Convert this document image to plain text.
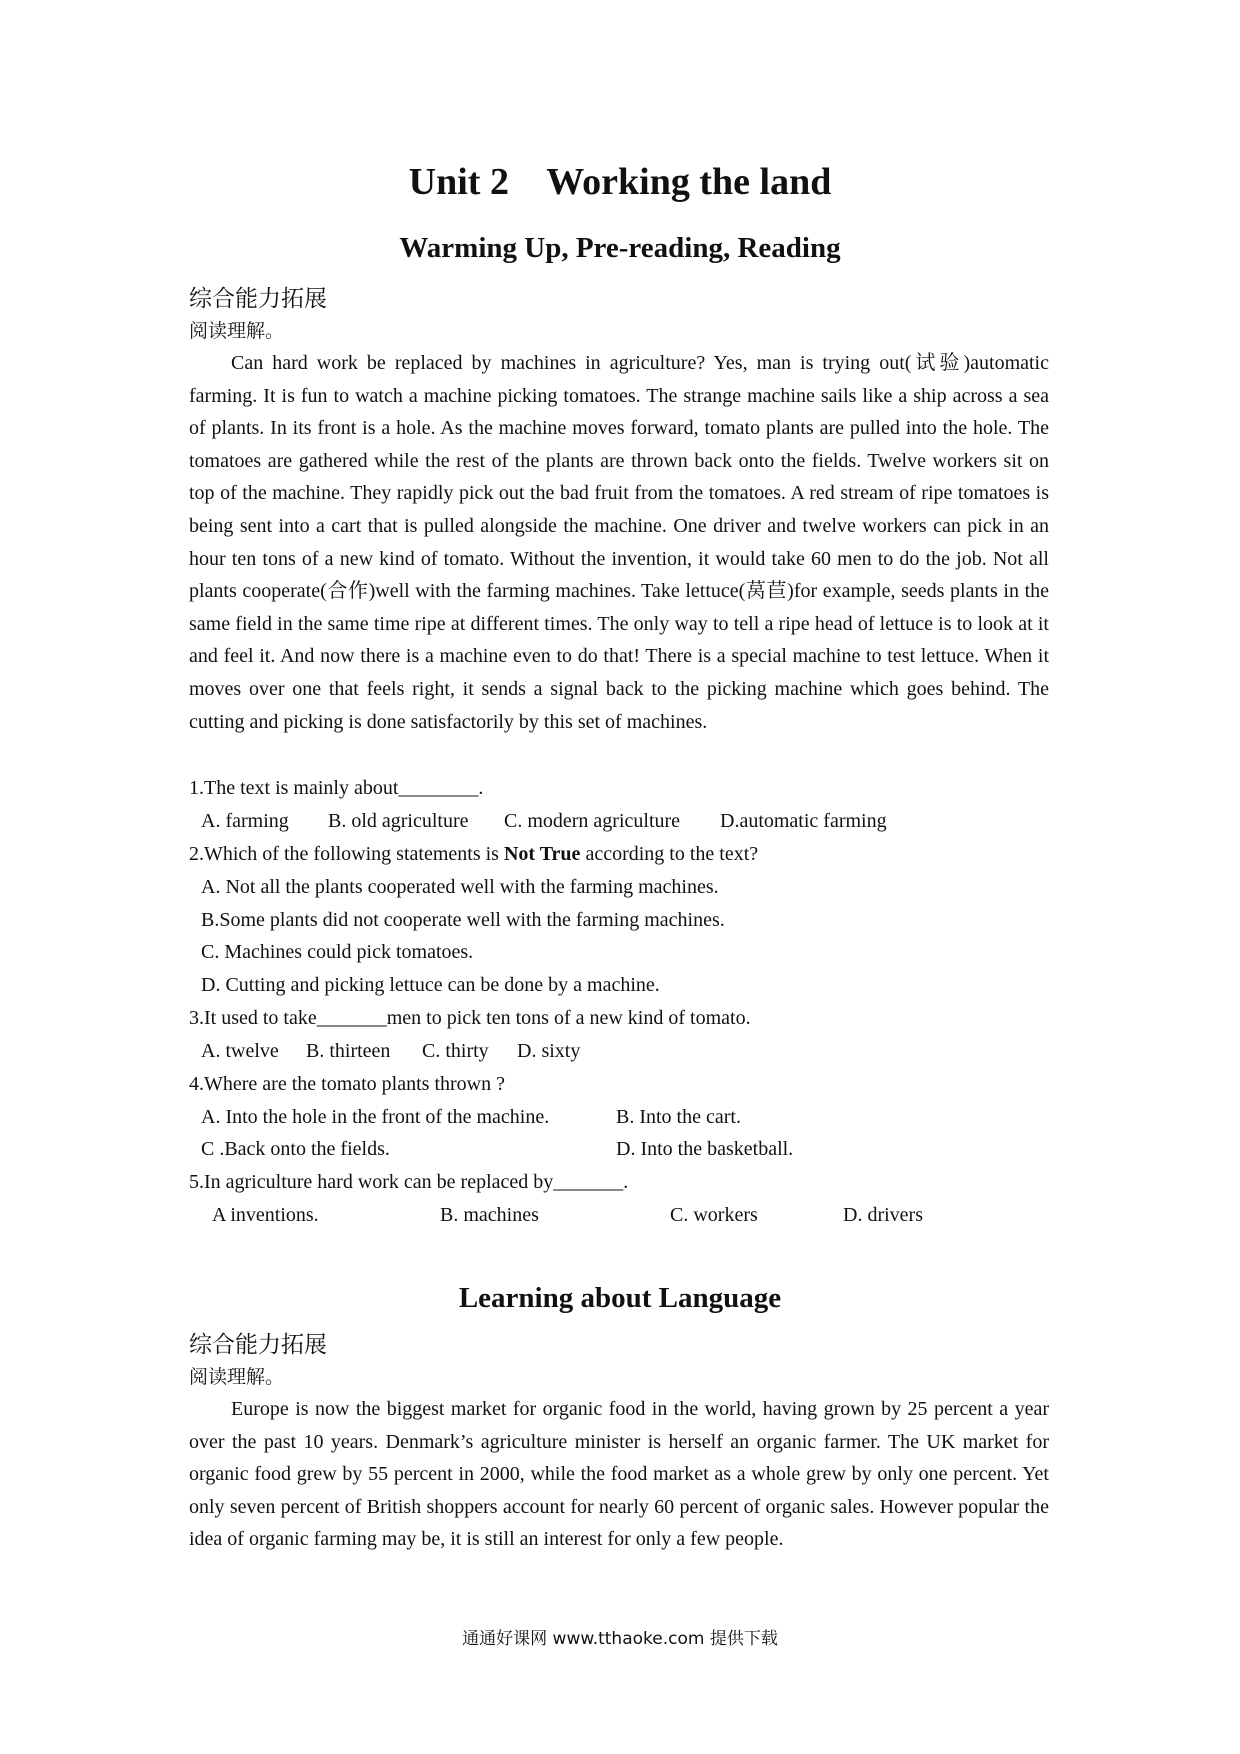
Unit 2    Working the land
Warming Up, Pre-reading, Reading
综合能力拓展
阅读理解。

Can hard work be replaced by machines in agriculture? Yes, man is trying out(试验)automatic farming. It is fun to watch a machine picking tomatoes. The strange machine sails like a ship across a sea of plants. In its front is a hole. As the machine moves forward, tomato plants are pulled into the hole. The tomatoes are gathered while the rest of the plants are thrown back onto the fields. Twelve workers sit on top of the machine. They rapidly pick out the bad fruit from the tomatoes. A red stream of ripe tomatoes is being sent into a cart that is pulled alongside the machine. One driver and twelve workers can pick in an hour ten tons of a new kind of tomato. Without the invention, it would take 60 men to do the job. Not all plants cooperate(合作)well with the farming machines. Take lettuce(莴苣)for example, seeds plants in the same field in the same time ripe at different times. The only way to tell a ripe head of lettuce is to look at it and feel it. And now there is a machine even to do that! There is a special machine to test lettuce. When it moves over one that feels right, it sends a signal back to the picking machine which goes behind. The cutting and picking is done satisfactorily by this set of machines.

1.The text is mainly about________.
A. farming B. old agriculture C. modern agriculture D.automatic farming
2.Which of the following statements is Not True according to the text?
A. Not all the plants cooperated well with the farming machines.
B.Some plants did not cooperate well with the farming machines.
C. Machines could pick tomatoes.
D. Cutting and picking lettuce can be done by a machine.
3.It used to take_______men to pick ten tons of a new kind of tomato.
A. twelve B. thirteen C. thirty D. sixty
4.Where are the tomato plants thrown ?
A. Into the hole in the front of the machine.	B. Into the cart.
C .Back onto the fields.	D. Into the basketball.
5.In agriculture hard work can be replaced by_______.
A inventions.	B. machines	C. workers	D. drivers
Learning about Language
综合能力拓展
阅读理解。

Europe is now the biggest market for organic food in the world, having grown by 25 percent a year over the past 10 years. Denmark’s agriculture minister is herself an organic farmer. The UK market for organic food grew by 55 percent in 2000, while the food market as a whole grew by only one percent. Yet only seven percent of British shoppers account for nearly 60 percent of organic sales. However popular the idea of organic farming may be, it is still an interest for only a few people.

通通好课网 www.tthaoke.com 提供下载
